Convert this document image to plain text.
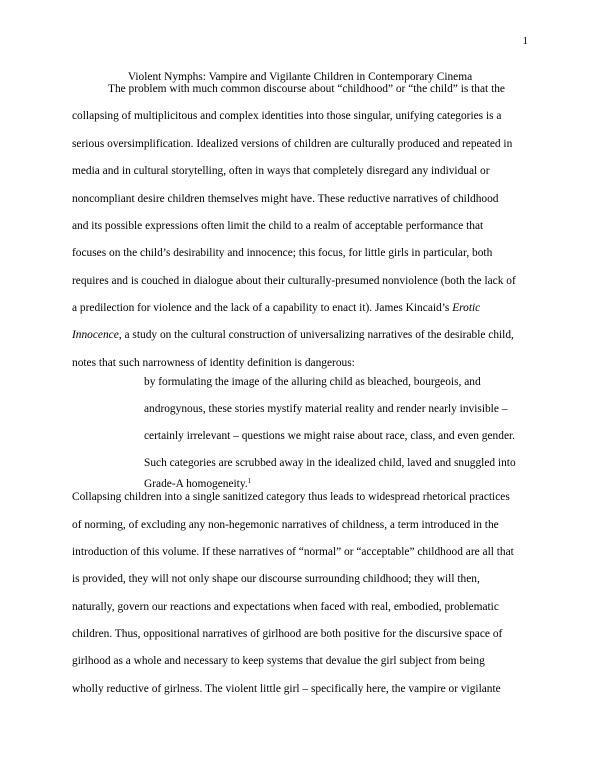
1
Violent Nymphs: Vampire and Vigilante Children in Contemporary Cinema
The problem with much common discourse about “childhood” or “the child” is that the
collapsing of multiplicitous and complex identities into those singular, unifying categories is a
serious oversimplification. Idealized versions of children are culturally produced and repeated in
media and in cultural storytelling, often in ways that completely disregard any individual or
noncompliant desire children themselves might have. These reductive narratives of childhood
and its possible expressions often limit the child to a realm of acceptable performance that
focuses on the child’s desirability and innocence; this focus, for little girls in particular, both
requires and is couched in dialogue about their culturally-presumed nonviolence (both the lack of
a predilection for violence and the lack of a capability to enact it). James Kincaid’s Erotic
Innocence, a study on the cultural construction of universalizing narratives of the desirable child,
notes that such narrowness of identity definition is dangerous:
by formulating the image of the alluring child as bleached, bourgeois, and
androgynous, these stories mystify material reality and render nearly invisible –
certainly irrelevant – questions we might raise about race, class, and even gender.
Such categories are scrubbed away in the idealized child, laved and snuggled into
Grade-A homogeneity.$^1$
Collapsing children into a single sanitized category thus leads to widespread rhetorical practices
of norming, of excluding any non-hegemonic narratives of childness, a term introduced in the
introduction of this volume. If these narratives of “normal” or “acceptable” childhood are all that
is provided, they will not only shape our discourse surrounding childhood; they will then,
naturally, govern our reactions and expectations when faced with real, embodied, problematic
children. Thus, oppositional narratives of girlhood are both positive for the discursive space of
girlhood as a whole and necessary to keep systems that devalue the girl subject from being
wholly reductive of girlness. The violent little girl – specifically here, the vampire or vigilante
